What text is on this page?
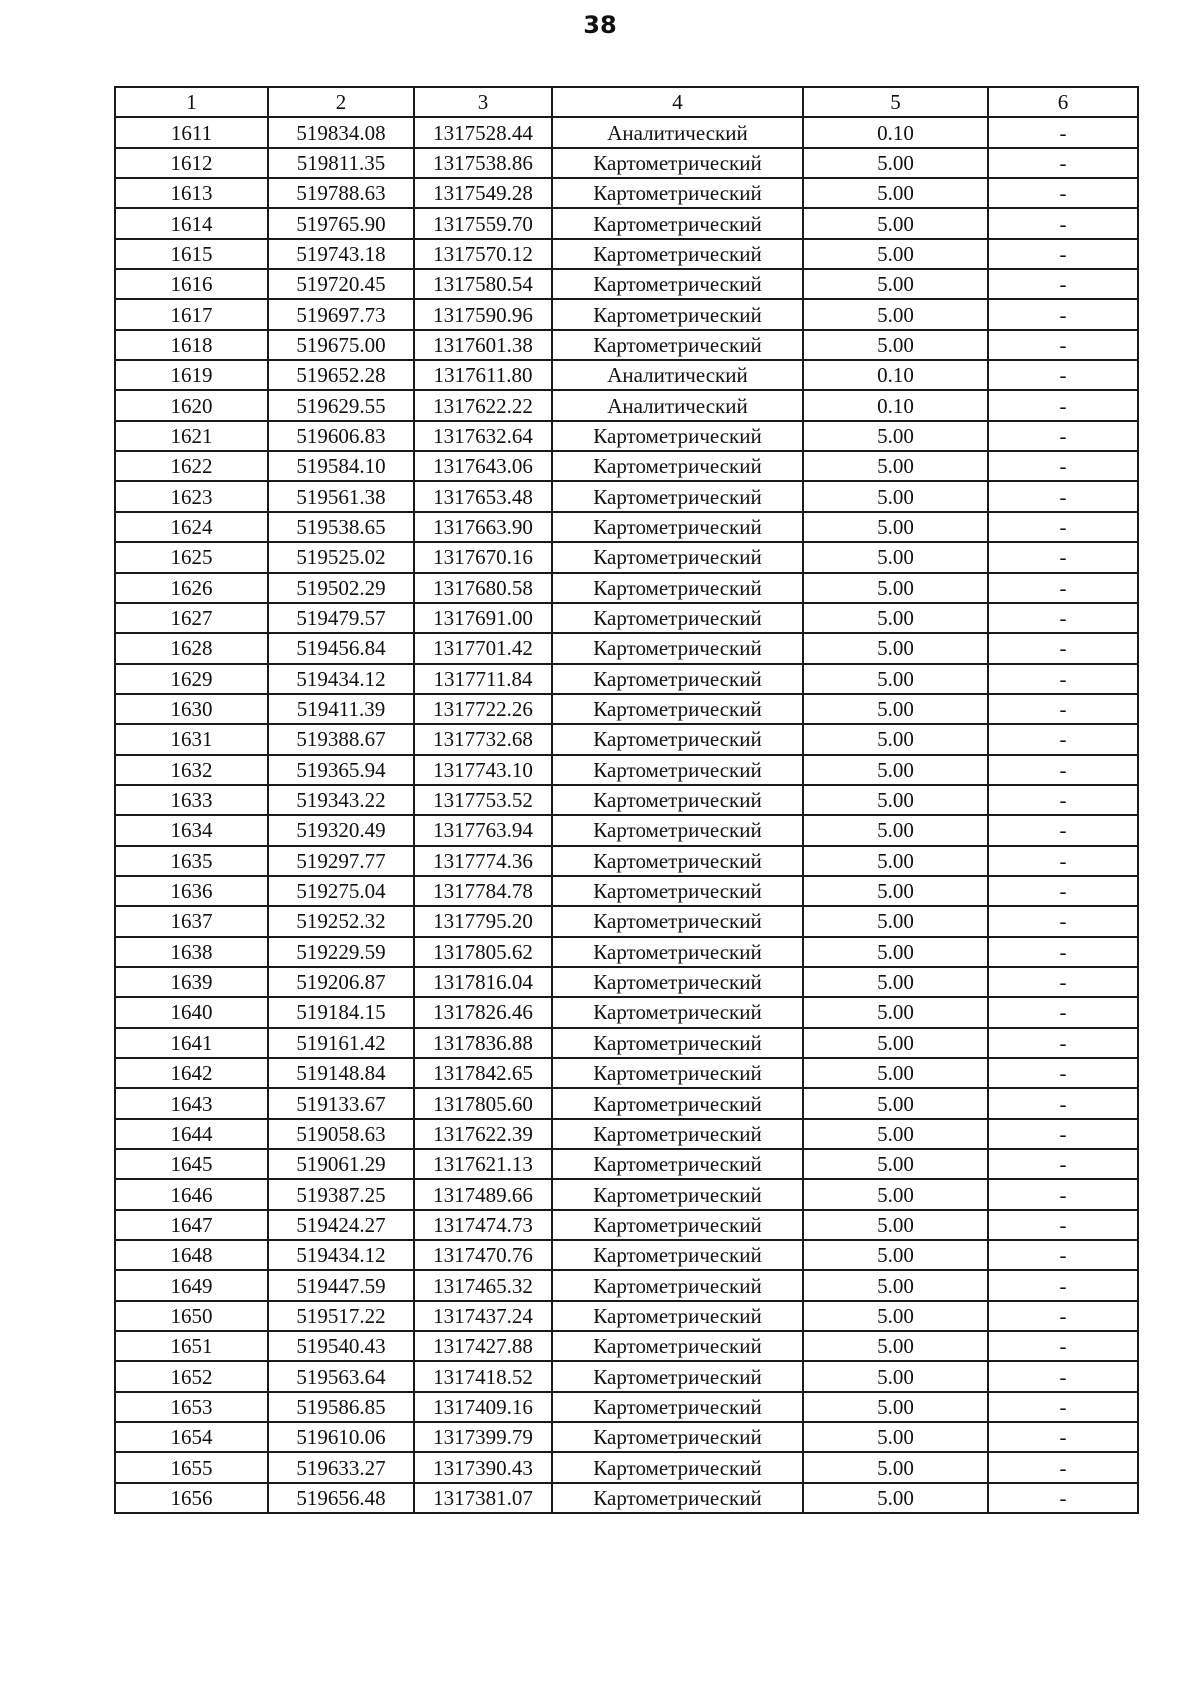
38
1	2	3	4	5	6
1611	519834.08	1317528.44	Аналитический	0.10	-
1612	519811.35	1317538.86	Картометрический	5.00	-
1613	519788.63	1317549.28	Картометрический	5.00	-
1614	519765.90	1317559.70	Картометрический	5.00	-
1615	519743.18	1317570.12	Картометрический	5.00	-
1616	519720.45	1317580.54	Картометрический	5.00	-
1617	519697.73	1317590.96	Картометрический	5.00	-
1618	519675.00	1317601.38	Картометрический	5.00	-
1619	519652.28	1317611.80	Аналитический	0.10	-
1620	519629.55	1317622.22	Аналитический	0.10	-
1621	519606.83	1317632.64	Картометрический	5.00	-
1622	519584.10	1317643.06	Картометрический	5.00	-
1623	519561.38	1317653.48	Картометрический	5.00	-
1624	519538.65	1317663.90	Картометрический	5.00	-
1625	519525.02	1317670.16	Картометрический	5.00	-
1626	519502.29	1317680.58	Картометрический	5.00	-
1627	519479.57	1317691.00	Картометрический	5.00	-
1628	519456.84	1317701.42	Картометрический	5.00	-
1629	519434.12	1317711.84	Картометрический	5.00	-
1630	519411.39	1317722.26	Картометрический	5.00	-
1631	519388.67	1317732.68	Картометрический	5.00	-
1632	519365.94	1317743.10	Картометрический	5.00	-
1633	519343.22	1317753.52	Картометрический	5.00	-
1634	519320.49	1317763.94	Картометрический	5.00	-
1635	519297.77	1317774.36	Картометрический	5.00	-
1636	519275.04	1317784.78	Картометрический	5.00	-
1637	519252.32	1317795.20	Картометрический	5.00	-
1638	519229.59	1317805.62	Картометрический	5.00	-
1639	519206.87	1317816.04	Картометрический	5.00	-
1640	519184.15	1317826.46	Картометрический	5.00	-
1641	519161.42	1317836.88	Картометрический	5.00	-
1642	519148.84	1317842.65	Картометрический	5.00	-
1643	519133.67	1317805.60	Картометрический	5.00	-
1644	519058.63	1317622.39	Картометрический	5.00	-
1645	519061.29	1317621.13	Картометрический	5.00	-
1646	519387.25	1317489.66	Картометрический	5.00	-
1647	519424.27	1317474.73	Картометрический	5.00	-
1648	519434.12	1317470.76	Картометрический	5.00	-
1649	519447.59	1317465.32	Картометрический	5.00	-
1650	519517.22	1317437.24	Картометрический	5.00	-
1651	519540.43	1317427.88	Картометрический	5.00	-
1652	519563.64	1317418.52	Картометрический	5.00	-
1653	519586.85	1317409.16	Картометрический	5.00	-
1654	519610.06	1317399.79	Картометрический	5.00	-
1655	519633.27	1317390.43	Картометрический	5.00	-
1656	519656.48	1317381.07	Картометрический	5.00	-
